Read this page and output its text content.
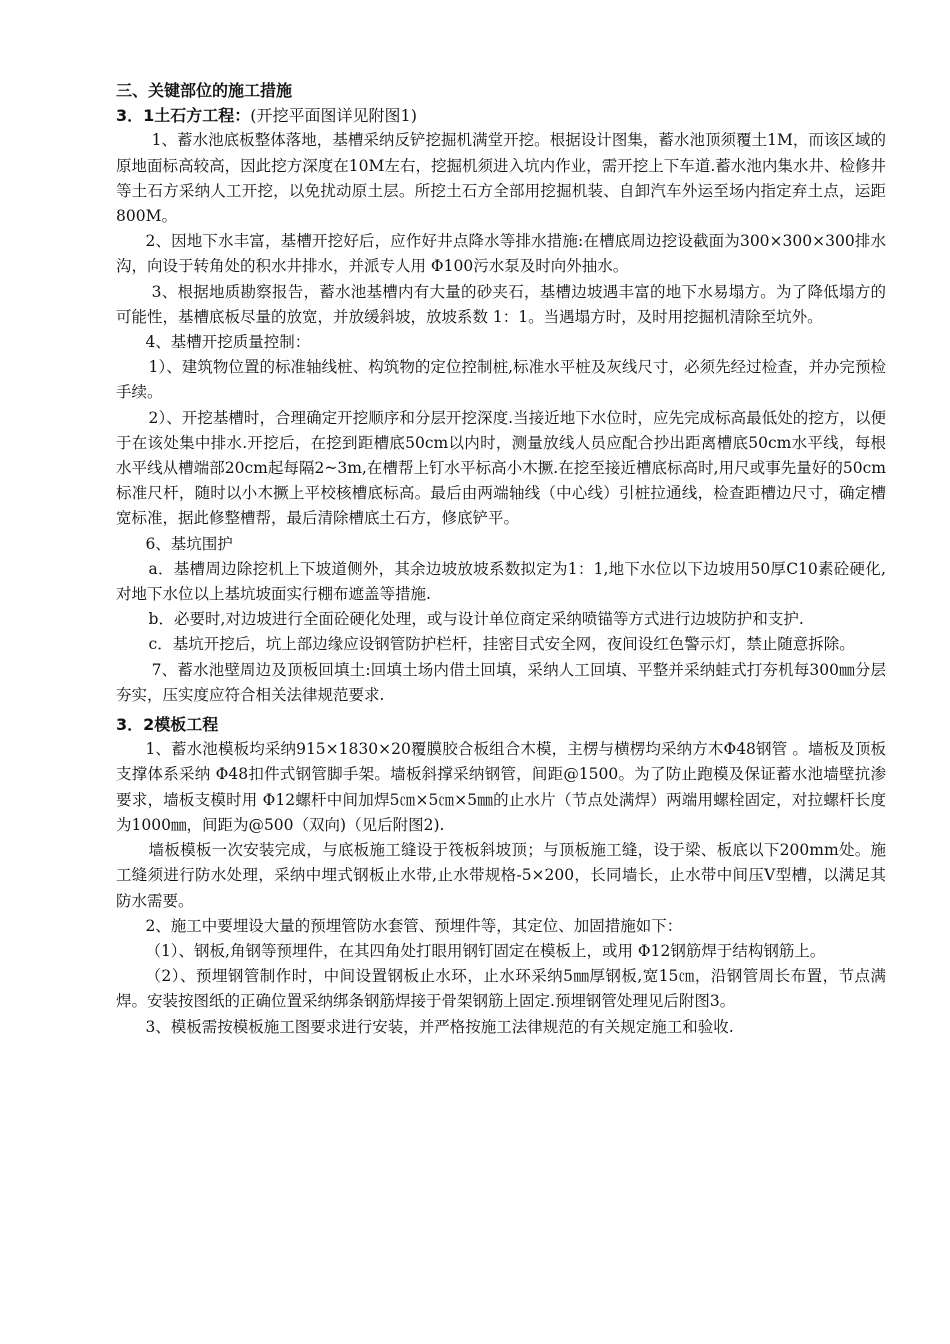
三、关键部位的施工措施

3．1土石方工程：(开挖平面图详见附图1)

1、蓄水池底板整体落地，基槽采纳反铲挖掘机满堂开挖。根据设计图集，蓄水池顶须覆土1M，而该区域的原地面标高较高，因此挖方深度在10M左右，挖掘机须进入坑内作业，需开挖上下车道.蓄水池内集水井、检修井等土石方采纳人工开挖，以免扰动原土层。所挖土石方全部用挖掘机装、自卸汽车外运至场内指定弃土点，运距800M。

2、因地下水丰富，基槽开挖好后，应作好井点降水等排水措施:在槽底周边挖设截面为300×300×300排水沟，向设于转角处的积水井排水，并派专人用 Φ100污水泵及时向外抽水。

3、根据地质勘察报告，蓄水池基槽内有大量的砂夹石，基槽边坡遇丰富的地下水易塌方。为了降低塌方的可能性，基槽底板尽量的放宽，并放缓斜坡，放坡系数 1：1。当遇塌方时，及时用挖掘机清除至坑外。

4、基槽开挖质量控制：

1）、建筑物位置的标准轴线桩、构筑物的定位控制桩,标准水平桩及灰线尺寸，必须先经过检查，并办完预检手续。

2）、开挖基槽时，合理确定开挖顺序和分层开挖深度.当接近地下水位时，应先完成标高最低处的挖方，以便于在该处集中排水.开挖后，在挖到距槽底50cm以内时，测量放线人员应配合抄出距离槽底50cm水平线，每根水平线从槽端部20cm起每隔2~3m,在槽帮上钉水平标高小木撅.在挖至接近槽底标高时,用尺或事先量好的50cm标准尺杆，随时以小木撅上平校核槽底标高。最后由两端轴线（中心线）引桩拉通线，检查距槽边尺寸，确定槽宽标准，据此修整槽帮，最后清除槽底土石方，修底铲平。

6、基坑围护

a．基槽周边除挖机上下坡道侧外，其余边坡放坡系数拟定为1：1,地下水位以下边坡用50厚C10素砼硬化,对地下水位以上基坑坡面实行棚布遮盖等措施.

b．必要时,对边坡进行全面砼硬化处理，或与设计单位商定采纳喷锚等方式进行边坡防护和支护.

c．基坑开挖后，坑上部边缘应设钢管防护栏杆，挂密目式安全网，夜间设红色警示灯，禁止随意拆除。

7、蓄水池壁周边及顶板回填土:回填土场内借土回填，采纳人工回填、平整并采纳蛙式打夯机每300㎜分层夯实，压实度应符合相关法律规范要求.

3．2模板工程

1、蓄水池模板均采纳915×1830×20覆膜胶合板组合木模，主楞与横楞均采纳方木Φ48钢管 。墙板及顶板支撑体系采纳 Φ48扣件式钢管脚手架。墙板斜撑采纳钢管，间距@1500。为了防止跑模及保证蓄水池墙壁抗渗要求，墙板支模时用 Φ12螺杆中间加焊5㎝×5㎝×5㎜的止水片（节点处满焊）两端用螺栓固定，对拉螺杆长度为1000㎜，间距为@500（双向)（见后附图2).

墙板模板一次安装完成，与底板施工缝设于筏板斜坡顶；与顶板施工缝，设于梁、板底以下200mm处。施工缝须进行防水处理，采纳中埋式钢板止水带,止水带规格-5×200，长同墙长，止水带中间压V型槽，以满足其防水需要。

2、施工中要埋设大量的预埋管防水套管、预埋件等，其定位、加固措施如下：

（1）、钢板,角钢等预埋件，在其四角处打眼用钢钉固定在模板上，或用 Φ12钢筋焊于结构钢筋上。

（2）、预埋钢管制作时，中间设置钢板止水环，止水环采纳5㎜厚钢板,宽15㎝，沿钢管周长布置，节点满焊。安装按图纸的正确位置采纳绑条钢筋焊接于骨架钢筋上固定.预埋钢管处理见后附图3。

3、模板需按模板施工图要求进行安装，并严格按施工法律规范的有关规定施工和验收.
